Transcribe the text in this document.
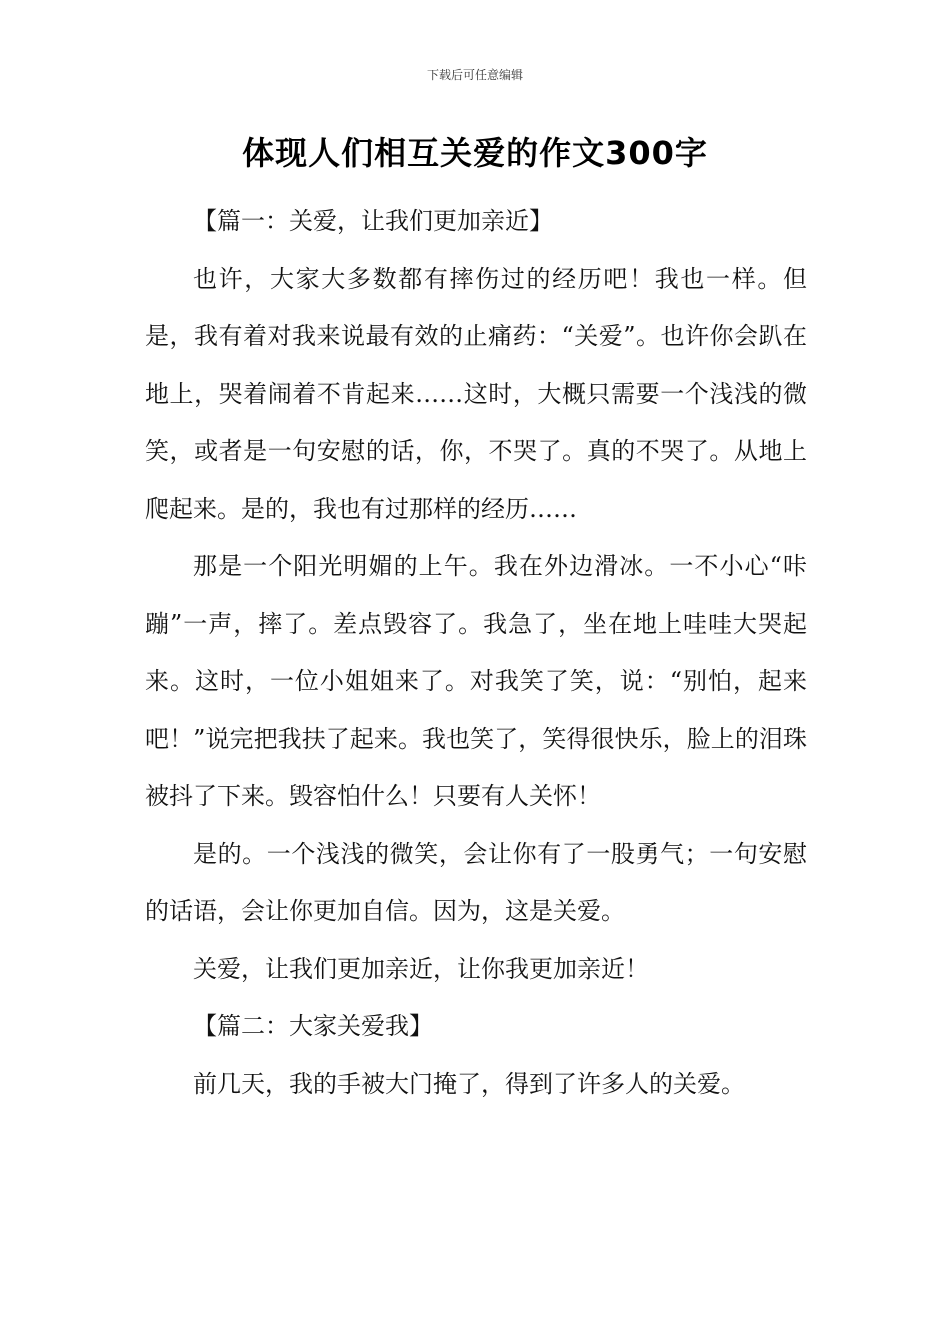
下载后可任意编辑
体现人们相互关爱的作文300字

【篇一：关爱，让我们更加亲近】

也许，大家大多数都有摔伤过的经历吧！我也一样。但是，我有着对我来说最有效的止痛药：“关爱”。也许你会趴在地上，哭着闹着不肯起来……这时，大概只需要一个浅浅的微笑，或者是一句安慰的话，你，不哭了。真的不哭了。从地上爬起来。是的，我也有过那样的经历……

那是一个阳光明媚的上午。我在外边滑冰。一不小心“咔蹦”一声，摔了。差点毁容了。我急了，坐在地上哇哇大哭起来。这时，一位小姐姐来了。对我笑了笑，说：“别怕，起来吧！”说完把我扶了起来。我也笑了，笑得很快乐，脸上的泪珠被抖了下来。毁容怕什么！只要有人关怀！

是的。一个浅浅的微笑，会让你有了一股勇气；一句安慰的话语，会让你更加自信。因为，这是关爱。

关爱，让我们更加亲近，让你我更加亲近！

【篇二：大家关爱我】

前几天，我的手被大门掩了，得到了许多人的关爱。
